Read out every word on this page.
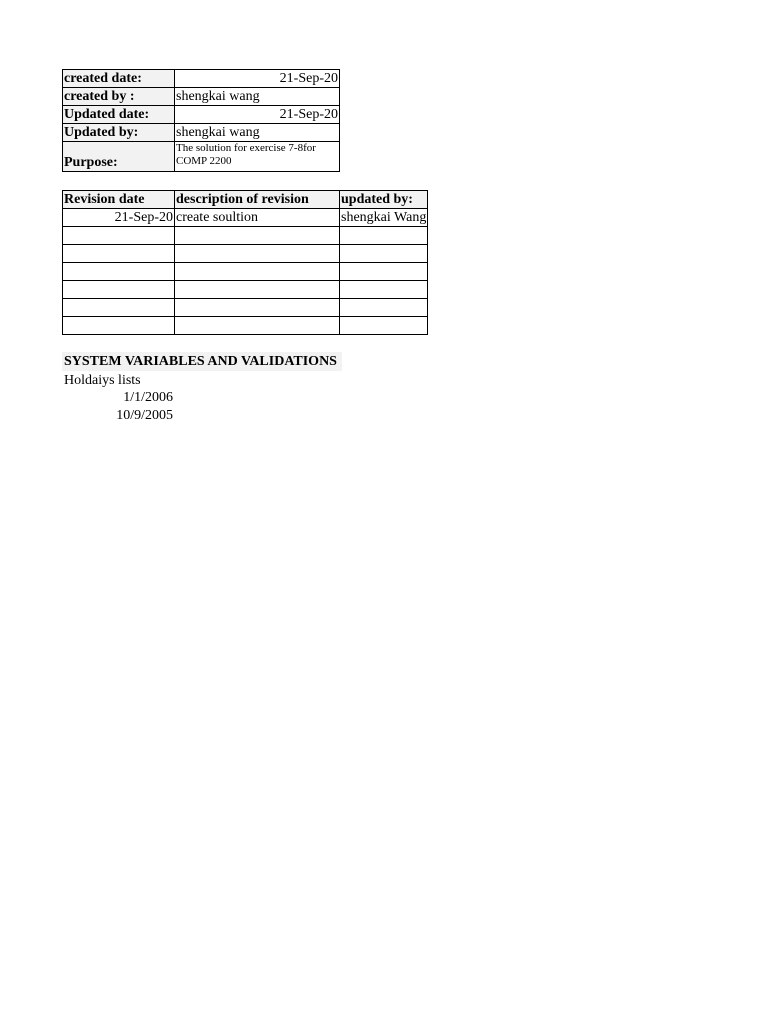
created date:	21-Sep-20
created by :	shengkai wang
Updated date:	21-Sep-20
Updated by:	shengkai wang
Purpose:	The solution for exercise 7-8for COMP 2200
Revision date	description of revision	updated by:
21-Sep-20	create soultion	shengkai Wang

SYSTEM VARIABLES AND VALIDATIONS
Holdaiys lists
1/1/2006
10/9/2005
